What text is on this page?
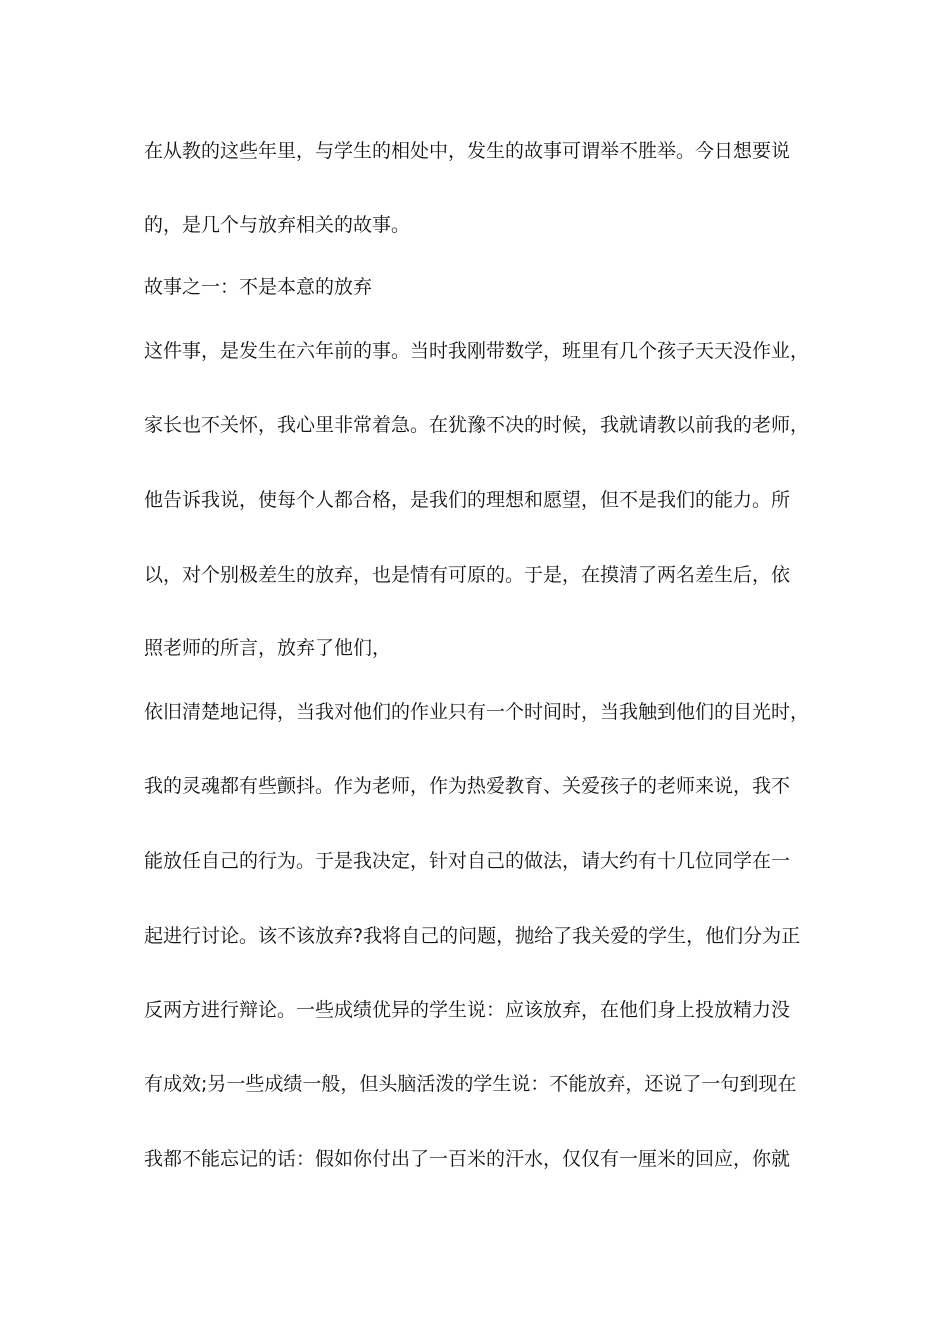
在从教的这些年里，与学生的相处中，发生的故事可谓举不胜举。今日想要说
的，是几个与放弃相关的故事。
故事之一：不是本意的放弃
这件事，是发生在六年前的事。当时我刚带数学，班里有几个孩子天天没作业，
家长也不关怀，我心里非常着急。在犹豫不决的时候，我就请教以前我的老师，
他告诉我说，使每个人都合格，是我们的理想和愿望，但不是我们的能力。所
以，对个别极差生的放弃，也是情有可原的。于是，在摸清了两名差生后，依
照老师的所言，放弃了他们，
依旧清楚地记得，当我对他们的作业只有一个时间时，当我触到他们的目光时，
我的灵魂都有些颤抖。作为老师，作为热爱教育、关爱孩子的老师来说，我不
能放任自己的行为。于是我决定，针对自己的做法，请大约有十几位同学在一
起进行讨论。该不该放弃?我将自己的问题，抛给了我关爱的学生，他们分为正
反两方进行辩论。一些成绩优异的学生说：应该放弃，在他们身上投放精力没
有成效;另一些成绩一般，但头脑活泼的学生说：不能放弃，还说了一句到现在
我都不能忘记的话：假如你付出了一百米的汗水，仅仅有一厘米的回应，你就
